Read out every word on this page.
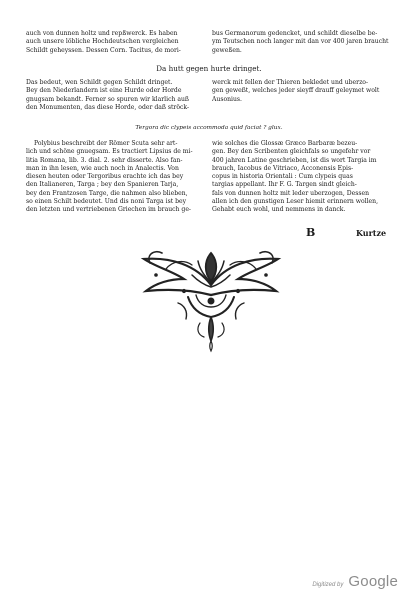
auch von dunnen holtz und repßwerck. Es haben
auch unsere löbliche Hochdeutschen vergleichen
Schildt geheyssen. Dessen Corn. Tacitus, de mori-
bus Germanorum gedencket, und schildt dieselbe be-
ym Teutschen noch langer mit dan vor 400 jaren braucht
geweßen.
Da hutt gegen hurte dringet.
Das bedeut, wen Schildt gegen Schildt dringet.
Bey den Niederlandern ist eine Hurde oder Horde
gnugsam bekandt. Ferner so spuren wir klarlich auß
den Monumenten, das diese Horde, oder daß ströck-
werck mit fellen der Thieren bekledet und uberzo-
gen geweßt, welches jeder sieyff drauff geleymet wolt
Ausonius.
Tergora dic clypeis accommoda quid faciat ? glux.
Polybius beschreibt der Römer Scuta sehr art-
lich und schöne gnuegsam. Es tractiert Lipsius de mi-
litia Romana, lib. 3. dial. 2. sehr disserte. Also fan-
man in ihn lesen, wie auch noch in Analectis. Von
diesen heuten oder Tergoribus erachte ich das bey
den Italianeren, Targa ; bey den Spanieren Tarja,
bey den Frantzosen Targe, die nahmen also blieben,
so einen Schilt bedeutet. Und dis noni Targa ist bey
den letzten und vertriebenen Griechen im brauch ge-
wie solches die Glossæ Græco Barbaræ bezeu-
gen. Bey den Scribenten gleichfals so ungefehr vor
400 jahren Latine geschrieben, ist dis wort Targia im
brauch, Iacobus de Vitriaco, Acconensis Epis-
copus in historia Orientali : Cum clypeis quas
targias appellant. Ihr F. G. Targen sindt gleich-
fals von dunnen holtz mit leder uberzogen, Dessen
allen ich den gunstigen Leser hiemit erinnern wollen,
Gehabt euch wohl, und nemmens in danck.
B	Kurtze
Digitized by Google
